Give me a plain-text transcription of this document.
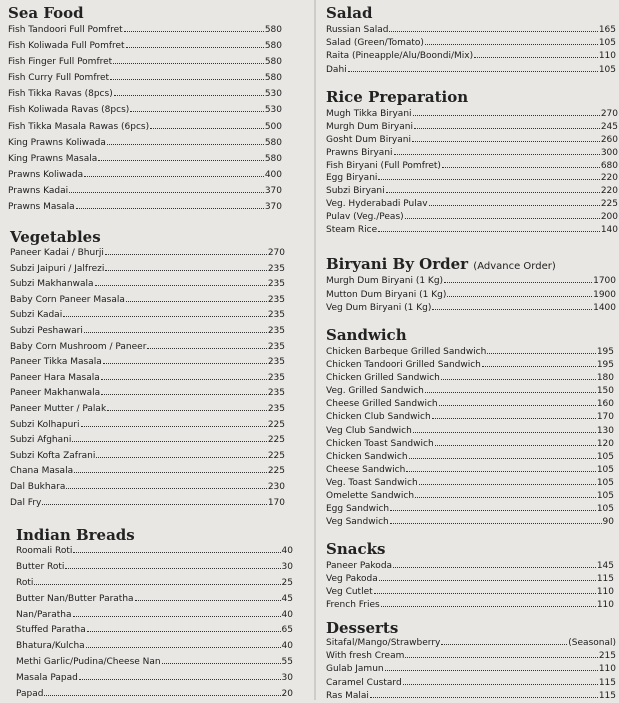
Sea Food
Fish Tandoori Full Pomfret	580
Fish Koliwada Full Pomfret	580
Fish Finger Full Pomfret	580
Fish Curry Full Pomfret	580
Fish Tikka Ravas (8pcs)	530
Fish Koliwada Ravas (8pcs)	530
Fish Tikka Masala Rawas (6pcs)	500
King Prawns Koliwada	580
King Prawns Masala	580
Prawns Koliwada	400
Prawns Kadai	370
Prawns Masala	370
Vegetables
Paneer Kadai / Bhurji	270
Subzi Jaipuri / Jalfrezi	235
Subzi Makhanwala	235
Baby Corn Paneer Masala	235
Subzi Kadai	235
Subzi Peshawari	235
Baby Corn Mushroom / Paneer	235
Paneer Tikka Masala	235
Paneer Hara Masala	235
Paneer Makhanwala	235
Paneer Mutter / Palak	235
Subzi Kolhapuri	225
Subzi Afghani	225
Subzi Kofta Zafrani	225
Chana Masala	225
Dal Bukhara	230
Dal Fry	170
Indian Breads
Roomali Roti	40
Butter Roti	30
Roti	25
Butter Nan/Butter Paratha	45
Nan/Paratha	40
Stuffed Paratha	65
Bhatura/Kulcha	40
Methi Garlic/Pudina/Cheese Nan	55
Masala Papad	30
Papad	20
Salad
Russian Salad	165
Salad (Green/Tomato)	105
Raita (Pineapple/Alu/Boondi/Mix)	110
Dahi	105
Rice Preparation
Mugh Tikka Biryani	270
Murgh Dum Biryani	245
Gosht Dum Biryani	260
Prawns Biryani	300
Fish Biryani (Full Pomfret)	680
Egg Biryani	220
Subzi Biryani	220
Veg. Hyderabadi Pulav	225
Pulav (Veg./Peas)	200
Steam Rice	140
Biryani By Order (Advance Order)
Murgh Dum Biryani (1 Kg)	1700
Mutton Dum Biryani (1 Kg)	1900
Veg Dum Biryani (1 Kg)	1400
Sandwich
Chicken Barbeque Grilled Sandwich	195
Chicken Tandoori Grilled Sandwich	195
Chicken Grilled Sandwich	180
Veg. Grilled Sandwich	150
Cheese Grilled Sandwich	160
Chicken Club Sandwich	170
Veg Club Sandwich	130
Chicken Toast Sandwich	120
Chicken Sandwich	105
Cheese Sandwich	105
Veg. Toast Sandwich	105
Omelette Sandwich	105
Egg Sandwich	105
Veg Sandwich	90
Snacks
Paneer Pakoda	145
Veg Pakoda	115
Veg Cutlet	110
French Fries	110
Desserts
Sitafal/Mango/Strawberry	(Seasonal)
With fresh Cream	215
Gulab Jamun	110
Caramel Custard	115
Ras Malai	115
